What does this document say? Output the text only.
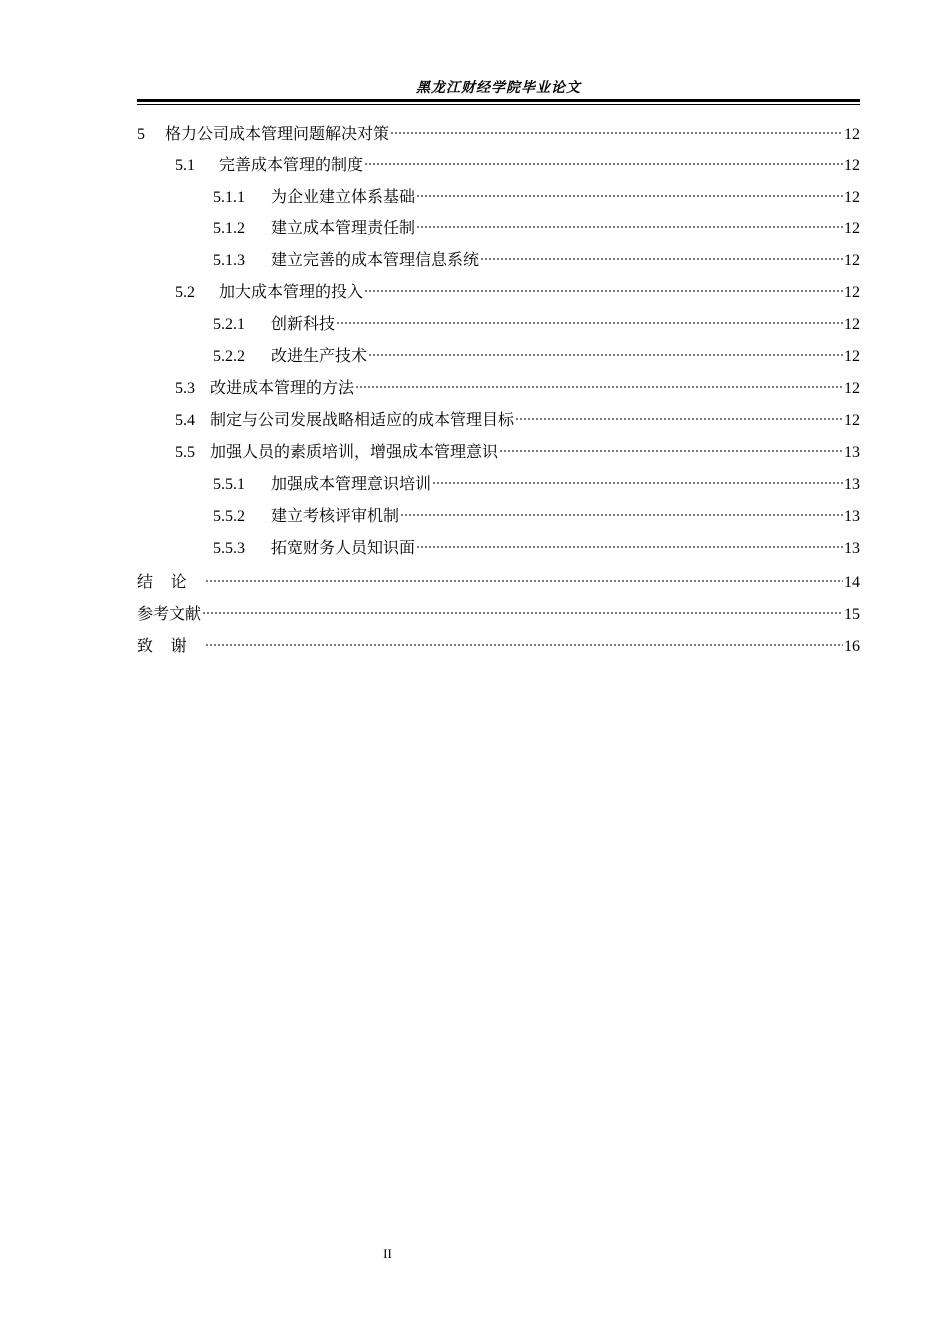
黑龙江财经学院毕业论文
5	格力公司成本管理问题解决对策	12
5.1	完善成本管理的制度	12
5.1.1	为企业建立体系基础	12
5.1.2	建立成本管理责任制	12
5.1.3	建立完善的成本管理信息系统	12
5.2	加大成本管理的投入	12
5.2.1	创新科技	12
5.2.2	改进生产技术	12
5.3 改进成本管理的方法	12
5.4 制定与公司发展战略相适应的成本管理目标	12
5.5 加强人员的素质培训，增强成本管理意识	13
5.5.1	加强成本管理意识培训	13
5.5.2	建立考核评审机制	13
5.5.3	拓宽财务人员知识面	13
结论	14
参考文献	15
致谢	16
II
